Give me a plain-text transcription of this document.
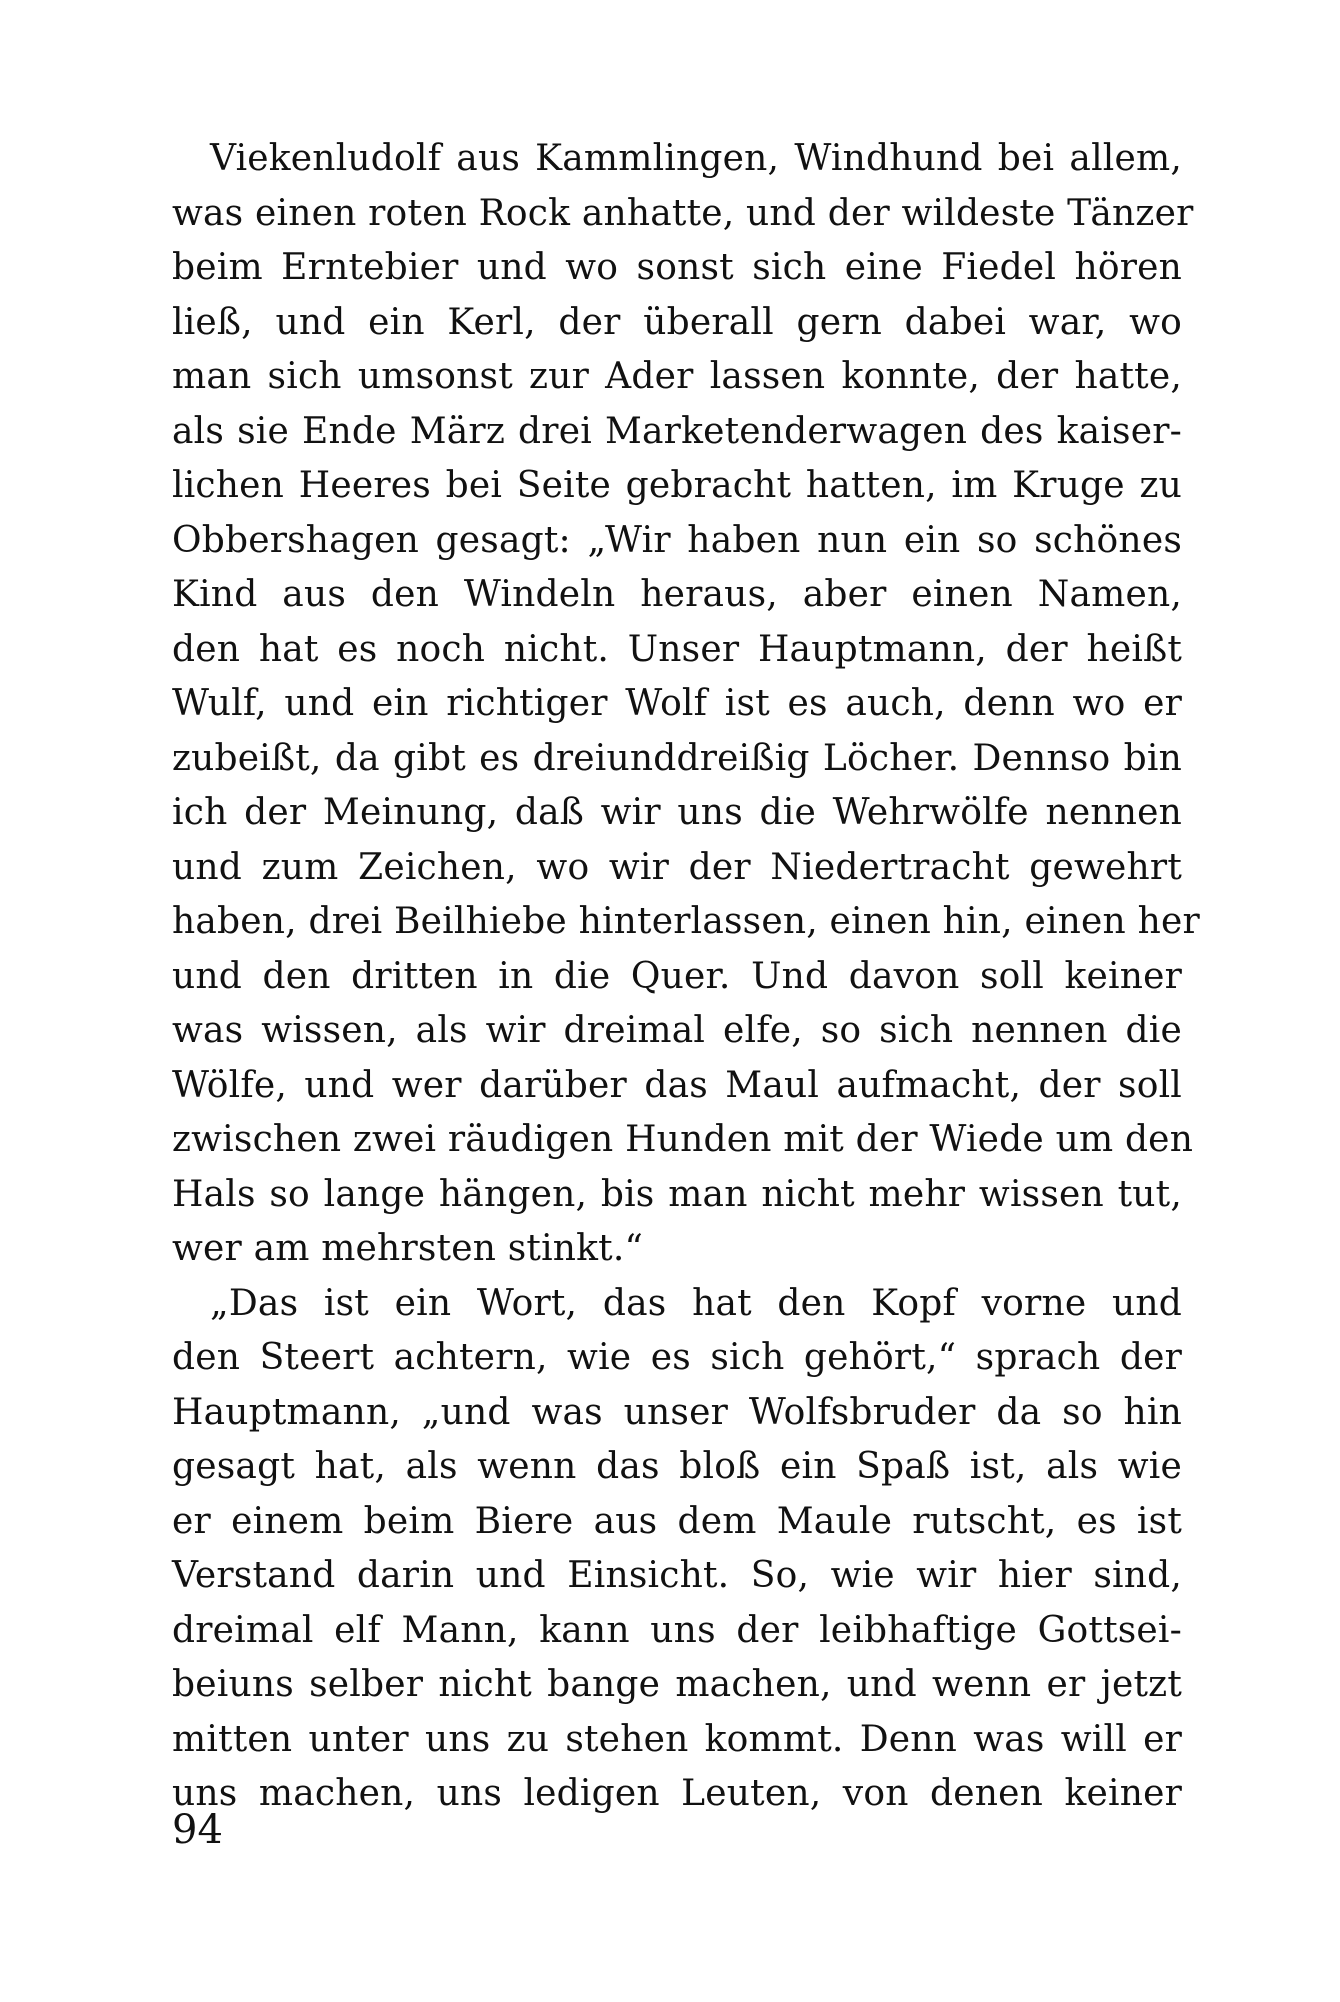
Viekenludolf aus Kammlingen, Windhund bei allem,
was einen roten Rock anhatte, und der wildeste Tänzer
beim Erntebier und wo sonst sich eine Fiedel hören
ließ, und ein Kerl, der überall gern dabei war, wo
man sich umsonst zur Ader lassen konnte, der hatte,
als sie Ende März drei Marketenderwagen des kaiser-
lichen Heeres bei Seite gebracht hatten, im Kruge zu
Obbershagen gesagt: „Wir haben nun ein so schönes
Kind aus den Windeln heraus, aber einen Namen,
den hat es noch nicht. Unser Hauptmann, der heißt
Wulf, und ein richtiger Wolf ist es auch, denn wo er
zubeißt, da gibt es dreiunddreißig Löcher. Dennso bin
ich der Meinung, daß wir uns die Wehrwölfe nennen
und zum Zeichen, wo wir der Niedertracht gewehrt
haben, drei Beilhiebe hinterlassen, einen hin, einen her
und den dritten in die Quer. Und davon soll keiner
was wissen, als wir dreimal elfe, so sich nennen die
Wölfe, und wer darüber das Maul aufmacht, der soll
zwischen zwei räudigen Hunden mit der Wiede um den
Hals so lange hängen, bis man nicht mehr wissen tut,
wer am mehrsten stinkt.“
„Das ist ein Wort, das hat den Kopf vorne und
den Steert achtern, wie es sich gehört,“ sprach der
Hauptmann, „und was unser Wolfsbruder da so hin
gesagt hat, als wenn das bloß ein Spaß ist, als wie
er einem beim Biere aus dem Maule rutscht, es ist
Verstand darin und Einsicht. So, wie wir hier sind,
dreimal elf Mann, kann uns der leibhaftige Gottsei-
beiuns selber nicht bange machen, und wenn er jetzt
mitten unter uns zu stehen kommt. Denn was will er
uns machen, uns ledigen Leuten, von denen keiner
94
